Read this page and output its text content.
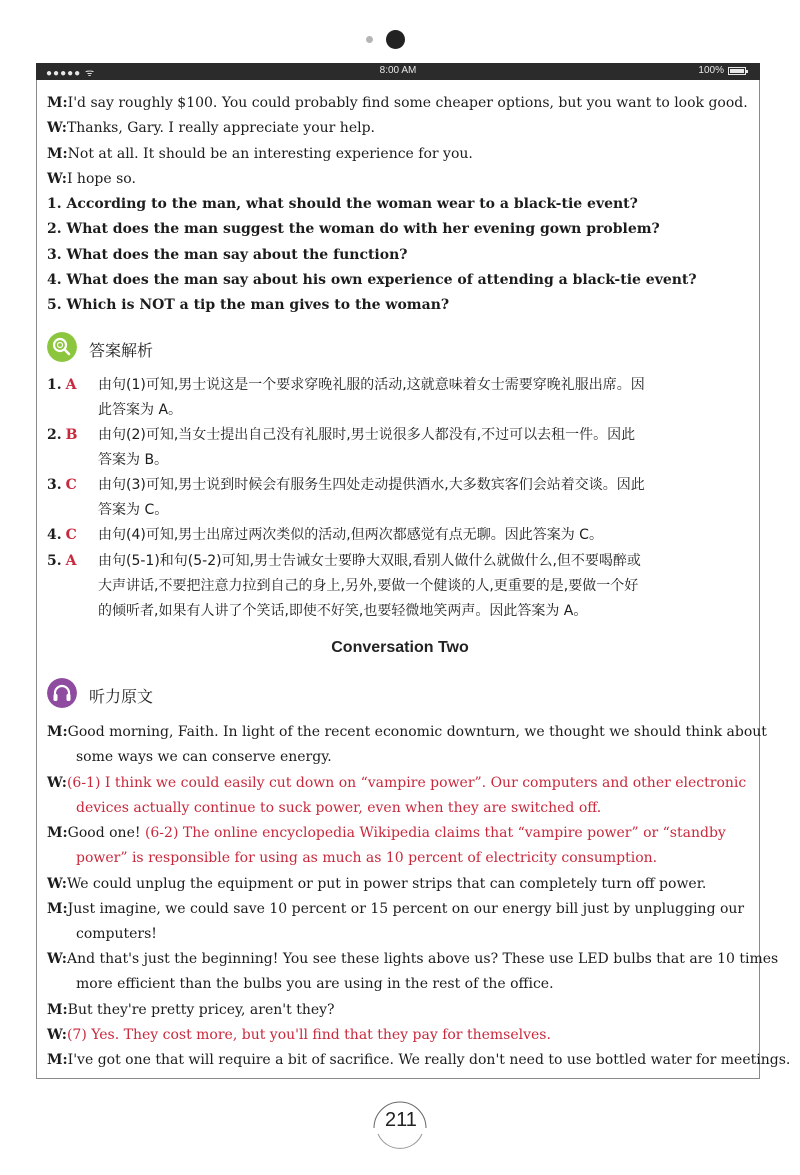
●●●●● ᯤ	8:00 AM	100%
M:I'd say roughly $100. You could probably find some cheaper options, but you want to look good.
W:Thanks, Gary. I really appreciate your help.
M:Not at all. It should be an interesting experience for you.
W:I hope so.
1. According to the man, what should the woman wear to a black-tie event?
2. What does the man suggest the woman do with her evening gown problem?
3. What does the man say about the function?
4. What does the man say about his own experience of attending a black-tie event?
5. Which is NOT a tip the man gives to the woman?
答案解析
1. A 由句(1)可知,男士说这是一个要求穿晚礼服的活动,这就意味着女士需要穿晚礼服出席。因
此答案为 A。
2. B 由句(2)可知,当女士提出自己没有礼服时,男士说很多人都没有,不过可以去租一件。因此
答案为 B。
3. C 由句(3)可知,男士说到时候会有服务生四处走动提供酒水,大多数宾客们会站着交谈。因此
答案为 C。
4. C 由句(4)可知,男士出席过两次类似的活动,但两次都感觉有点无聊。因此答案为 C。
5. A 由句(5-1)和句(5-2)可知,男士告诫女士要睁大双眼,看别人做什么就做什么,但不要喝醉或
大声讲话,不要把注意力拉到自己的身上,另外,要做一个健谈的人,更重要的是,要做一个好
的倾听者,如果有人讲了个笑话,即使不好笑,也要轻微地笑两声。因此答案为 A。
Conversation Two
听力原文
M:Good morning, Faith. In light of the recent economic downturn, we thought we should think about
some ways we can conserve energy.
W:(6-1) I think we could easily cut down on “vampire power”. Our computers and other electronic
devices actually continue to suck power, even when they are switched off.
M:Good one! (6-2) The online encyclopedia Wikipedia claims that “vampire power” or “standby
power” is responsible for using as much as 10 percent of electricity consumption.
W:We could unplug the equipment or put in power strips that can completely turn off power.
M:Just imagine, we could save 10 percent or 15 percent on our energy bill just by unplugging our
computers!
W:And that's just the beginning! You see these lights above us? These use LED bulbs that are 10 times
more efficient than the bulbs you are using in the rest of the office.
M:But they're pretty pricey, aren't they?
W:(7) Yes. They cost more, but you'll find that they pay for themselves.
M:I've got one that will require a bit of sacrifice. We really don't need to use bottled water for meetings.
211
